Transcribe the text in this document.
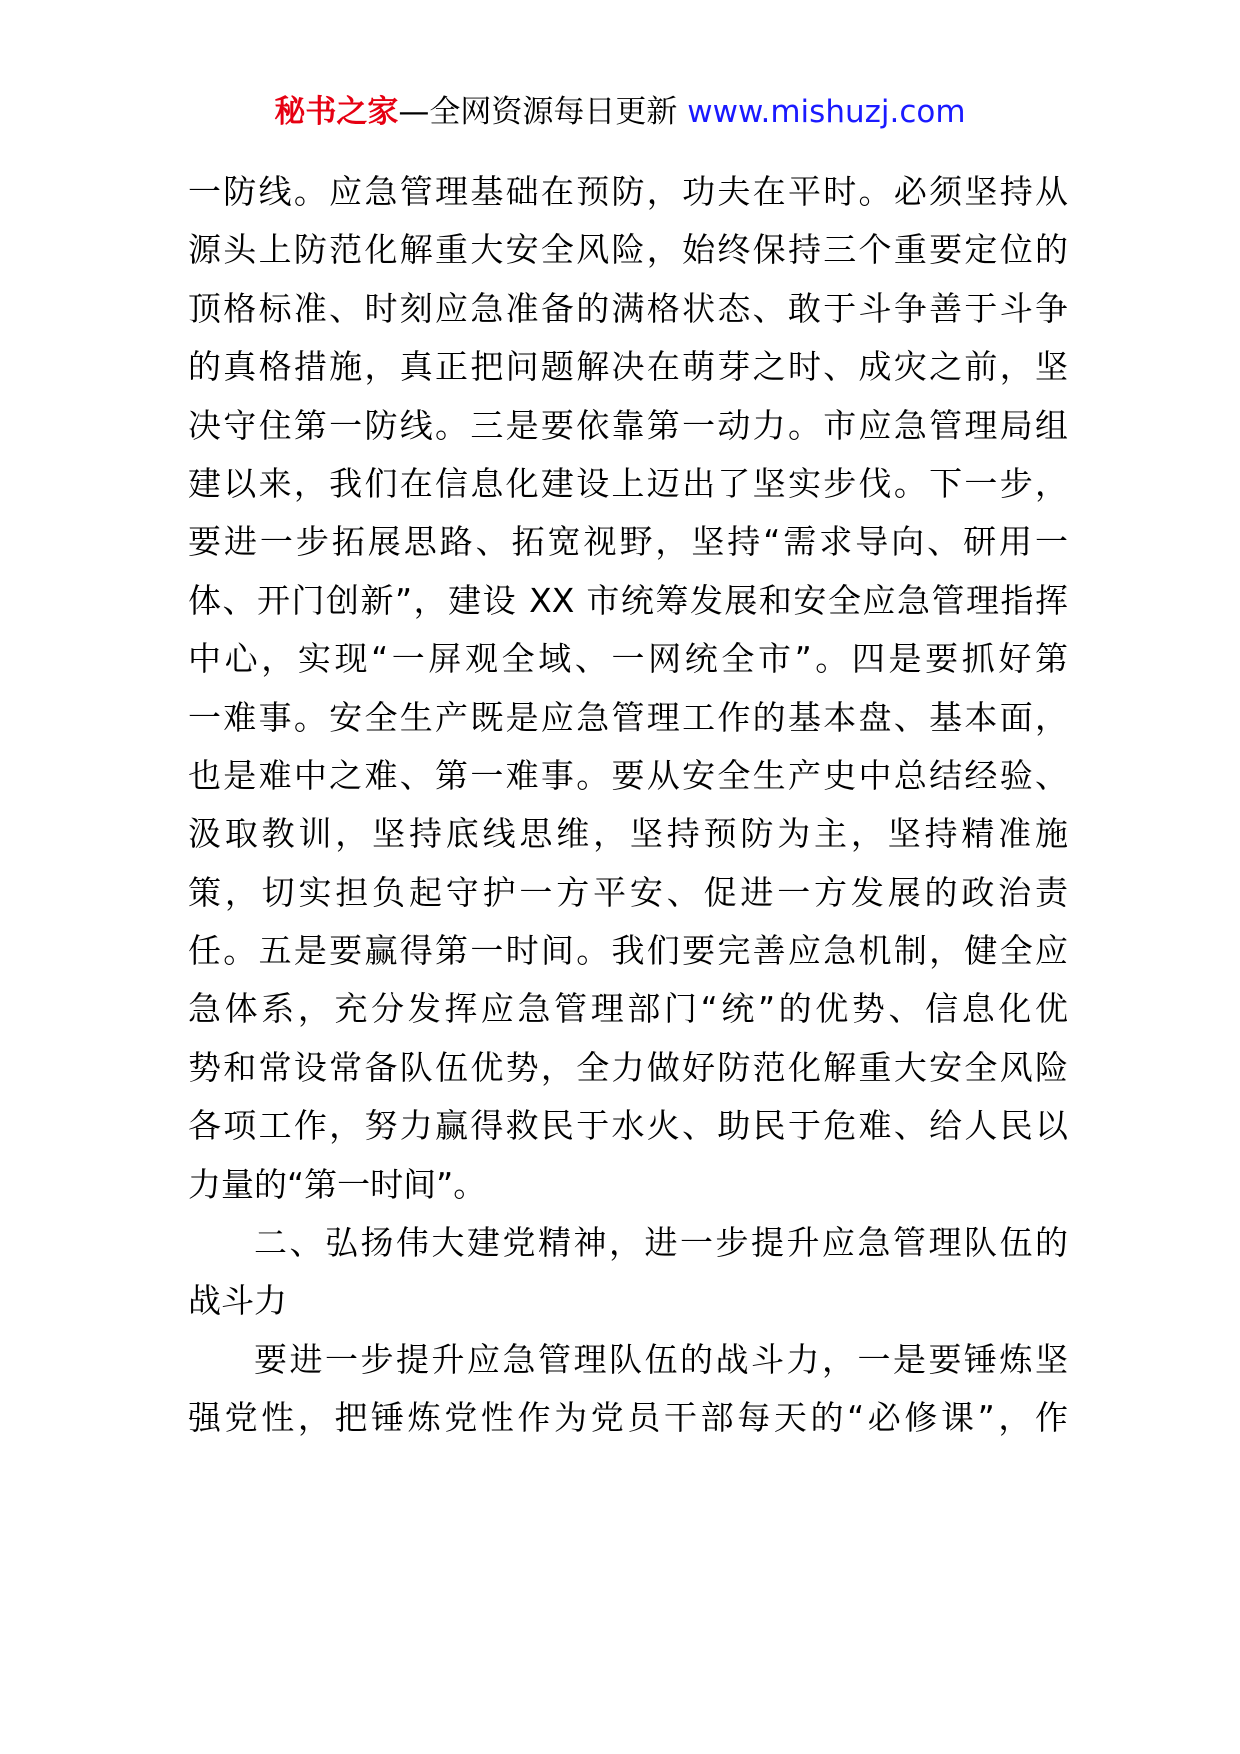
秘书之家—全网资源每日更新 www.mishuzj.com
一防线。应急管理基础在预防，功夫在平时。必须坚持从
源头上防范化解重大安全风险，始终保持三个重要定位的
顶格标准、时刻应急准备的满格状态、敢于斗争善于斗争
的真格措施，真正把问题解决在萌芽之时、成灾之前，坚
决守住第一防线。三是要依靠第一动力。市应急管理局组
建以来，我们在信息化建设上迈出了坚实步伐。下一步，
要进一步拓展思路、拓宽视野，坚持“需求导向、研用一
体、开门创新”，建设 XX 市统筹发展和安全应急管理指挥
中心，实现“一屏观全域、一网统全市”。四是要抓好第
一难事。安全生产既是应急管理工作的基本盘、基本面，
也是难中之难、第一难事。要从安全生产史中总结经验、
汲取教训，坚持底线思维，坚持预防为主，坚持精准施
策，切实担负起守护一方平安、促进一方发展的政治责
任。五是要赢得第一时间。我们要完善应急机制，健全应
急体系，充分发挥应急管理部门“统”的优势、信息化优
势和常设常备队伍优势，全力做好防范化解重大安全风险
各项工作，努力赢得救民于水火、助民于危难、给人民以
力量的“第一时间”。
二、弘扬伟大建党精神，进一步提升应急管理队伍的
战斗力
要进一步提升应急管理队伍的战斗力，一是要锤炼坚
强党性，把锤炼党性作为党员干部每天的“必修课”，作
